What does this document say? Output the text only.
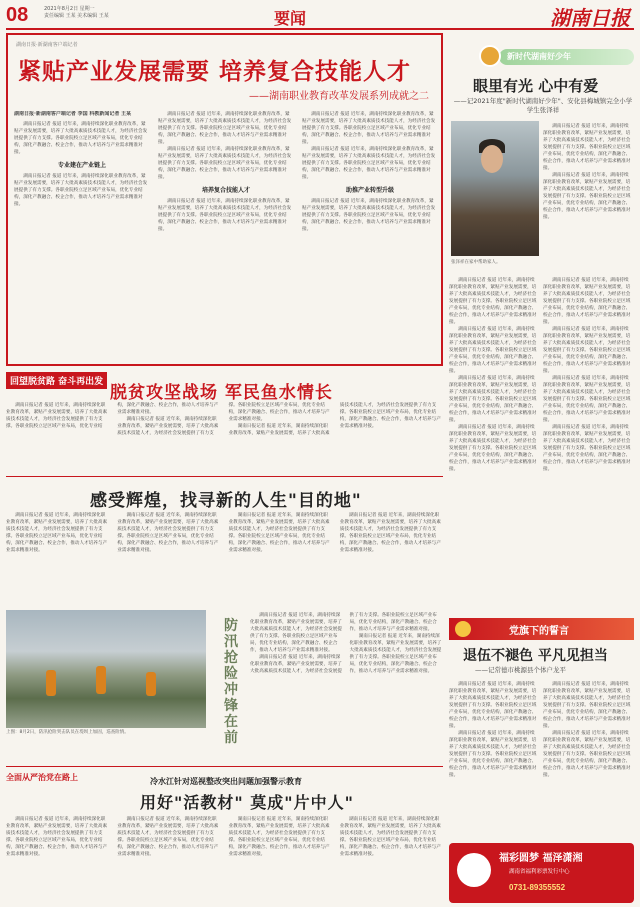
08	2021年8月2日 星期一
责任编辑 王某 美术编辑 王某	要闻	湖南日报
湖南日报·新湖南客户端记者
紧贴产业发展需要 培养复合技能人才
——湖南职业教育改革发展系列成就之二
湖南日报·新湖南客户端记者 李国 科教新闻记者 王某

湖南日报记者 报道 近年来，湖南持续深化职业教育改革，紧贴产业发展需要，培养了大批高素质技术技能人才，为经济社会发展提供了有力支撑。各职业院校立足区域产业布局，优化专业结构，深化产教融合、校企合作，推动人才培养与产业需求精准对接。

专业建在产业链上

湖南日报记者 报道 近年来，湖南持续深化职业教育改革，紧贴产业发展需要，培养了大批高素质技术技能人才，为经济社会发展提供了有力支撑。各职业院校立足区域产业布局，优化专业结构，深化产教融合、校企合作，推动人才培养与产业需求精准对接。

湖南日报记者 报道 近年来，湖南持续深化职业教育改革，紧贴产业发展需要，培养了大批高素质技术技能人才，为经济社会发展提供了有力支撑。各职业院校立足区域产业布局，优化专业结构，深化产教融合、校企合作，推动人才培养与产业需求精准对接。

湖南日报记者 报道 近年来，湖南持续深化职业教育改革，紧贴产业发展需要，培养了大批高素质技术技能人才，为经济社会发展提供了有力支撑。各职业院校立足区域产业布局，优化专业结构，深化产教融合、校企合作，推动人才培养与产业需求精准对接。

培养复合技能人才

湖南日报记者 报道 近年来，湖南持续深化职业教育改革，紧贴产业发展需要，培养了大批高素质技术技能人才，为经济社会发展提供了有力支撑。各职业院校立足区域产业布局，优化专业结构，深化产教融合、校企合作，推动人才培养与产业需求精准对接。

湖南日报记者 报道 近年来，湖南持续深化职业教育改革，紧贴产业发展需要，培养了大批高素质技术技能人才，为经济社会发展提供了有力支撑。各职业院校立足区域产业布局，优化专业结构，深化产教融合、校企合作，推动人才培养与产业需求精准对接。

湖南日报记者 报道 近年来，湖南持续深化职业教育改革，紧贴产业发展需要，培养了大批高素质技术技能人才，为经济社会发展提供了有力支撑。各职业院校立足区域产业布局，优化专业结构，深化产教融合、校企合作，推动人才培养与产业需求精准对接。

助推产业转型升级

湖南日报记者 报道 近年来，湖南持续深化职业教育改革，紧贴产业发展需要，培养了大批高素质技术技能人才，为经济社会发展提供了有力支撑。各职业院校立足区域产业布局，优化专业结构，深化产教融合、校企合作，推动人才培养与产业需求精准对接。

回望脱贫路 奋斗再出发
脱贫攻坚战场 军民鱼水情长

湖南日报记者 报道 近年来，湖南持续深化职业教育改革，紧贴产业发展需要，培养了大批高素质技术技能人才，为经济社会发展提供了有力支撑。各职业院校立足区域产业布局，优化专业结构，深化产教融合、校企合作，推动人才培养与产业需求精准对接。

湖南日报记者 报道 近年来，湖南持续深化职业教育改革，紧贴产业发展需要，培养了大批高素质技术技能人才，为经济社会发展提供了有力支撑。各职业院校立足区域产业布局，优化专业结构，深化产教融合、校企合作，推动人才培养与产业需求精准对接。

湖南日报记者 报道 近年来，湖南持续深化职业教育改革，紧贴产业发展需要，培养了大批高素质技术技能人才，为经济社会发展提供了有力支撑。各职业院校立足区域产业布局，优化专业结构，深化产教融合、校企合作，推动人才培养与产业需求精准对接。

感受辉煌，找寻新的人生"目的地"

湖南日报记者 报道 近年来，湖南持续深化职业教育改革，紧贴产业发展需要，培养了大批高素质技术技能人才，为经济社会发展提供了有力支撑。各职业院校立足区域产业布局，优化专业结构，深化产教融合、校企合作，推动人才培养与产业需求精准对接。

湖南日报记者 报道 近年来，湖南持续深化职业教育改革，紧贴产业发展需要，培养了大批高素质技术技能人才，为经济社会发展提供了有力支撑。各职业院校立足区域产业布局，优化专业结构，深化产教融合、校企合作，推动人才培养与产业需求精准对接。

湖南日报记者 报道 近年来，湖南持续深化职业教育改革，紧贴产业发展需要，培养了大批高素质技术技能人才，为经济社会发展提供了有力支撑。各职业院校立足区域产业布局，优化专业结构，深化产教融合、校企合作，推动人才培养与产业需求精准对接。

湖南日报记者 报道 近年来，湖南持续深化职业教育改革，紧贴产业发展需要，培养了大批高素质技术技能人才，为经济社会发展提供了有力支撑。各职业院校立足区域产业布局，优化专业结构，深化产教融合、校企合作，推动人才培养与产业需求精准对接。

防汛抢险 冲锋在前
上图：8月2日，防汛抢险突击队员在堤坝上加固，巡查险情。

湖南日报记者 报道 近年来，湖南持续深化职业教育改革，紧贴产业发展需要，培养了大批高素质技术技能人才，为经济社会发展提供了有力支撑。各职业院校立足区域产业布局，优化专业结构，深化产教融合、校企合作，推动人才培养与产业需求精准对接。

湖南日报记者 报道 近年来，湖南持续深化职业教育改革，紧贴产业发展需要，培养了大批高素质技术技能人才，为经济社会发展提供了有力支撑。各职业院校立足区域产业布局，优化专业结构，深化产教融合、校企合作，推动人才培养与产业需求精准对接。

湖南日报记者 报道 近年来，湖南持续深化职业教育改革，紧贴产业发展需要，培养了大批高素质技术技能人才，为经济社会发展提供了有力支撑。各职业院校立足区域产业布局，优化专业结构，深化产教融合、校企合作，推动人才培养与产业需求精准对接。

全面从严治党在路上	冷水江针对巡视整改突出问题加强警示教育
用好"活教材" 莫成"片中人"

湖南日报记者 报道 近年来，湖南持续深化职业教育改革，紧贴产业发展需要，培养了大批高素质技术技能人才，为经济社会发展提供了有力支撑。各职业院校立足区域产业布局，优化专业结构，深化产教融合、校企合作，推动人才培养与产业需求精准对接。

湖南日报记者 报道 近年来，湖南持续深化职业教育改革，紧贴产业发展需要，培养了大批高素质技术技能人才，为经济社会发展提供了有力支撑。各职业院校立足区域产业布局，优化专业结构，深化产教融合、校企合作，推动人才培养与产业需求精准对接。

湖南日报记者 报道 近年来，湖南持续深化职业教育改革，紧贴产业发展需要，培养了大批高素质技术技能人才，为经济社会发展提供了有力支撑。各职业院校立足区域产业布局，优化专业结构，深化产教融合、校企合作，推动人才培养与产业需求精准对接。

湖南日报记者 报道 近年来，湖南持续深化职业教育改革，紧贴产业发展需要，培养了大批高素质技术技能人才，为经济社会发展提供了有力支撑。各职业院校立足区域产业布局，优化专业结构，深化产教融合、校企合作，推动人才培养与产业需求精准对接。

新时代湖南好少年
眼里有光 心中有爱
——记2021年度"新时代湖南好少年"、安化县梅城镇完全小学学生张泽祥
张泽祥在家中帮助家人。

湖南日报记者 报道 近年来，湖南持续深化职业教育改革，紧贴产业发展需要，培养了大批高素质技术技能人才，为经济社会发展提供了有力支撑。各职业院校立足区域产业布局，优化专业结构，深化产教融合、校企合作，推动人才培养与产业需求精准对接。

湖南日报记者 报道 近年来，湖南持续深化职业教育改革，紧贴产业发展需要，培养了大批高素质技术技能人才，为经济社会发展提供了有力支撑。各职业院校立足区域产业布局，优化专业结构，深化产教融合、校企合作，推动人才培养与产业需求精准对接。

湖南日报记者 报道 近年来，湖南持续深化职业教育改革，紧贴产业发展需要，培养了大批高素质技术技能人才，为经济社会发展提供了有力支撑。各职业院校立足区域产业布局，优化专业结构，深化产教融合、校企合作，推动人才培养与产业需求精准对接。

湖南日报记者 报道 近年来，湖南持续深化职业教育改革，紧贴产业发展需要，培养了大批高素质技术技能人才，为经济社会发展提供了有力支撑。各职业院校立足区域产业布局，优化专业结构，深化产教融合、校企合作，推动人才培养与产业需求精准对接。

湖南日报记者 报道 近年来，湖南持续深化职业教育改革，紧贴产业发展需要，培养了大批高素质技术技能人才，为经济社会发展提供了有力支撑。各职业院校立足区域产业布局，优化专业结构，深化产教融合、校企合作，推动人才培养与产业需求精准对接。

湖南日报记者 报道 近年来，湖南持续深化职业教育改革，紧贴产业发展需要，培养了大批高素质技术技能人才，为经济社会发展提供了有力支撑。各职业院校立足区域产业布局，优化专业结构，深化产教融合、校企合作，推动人才培养与产业需求精准对接。

湖南日报记者 报道 近年来，湖南持续深化职业教育改革，紧贴产业发展需要，培养了大批高素质技术技能人才，为经济社会发展提供了有力支撑。各职业院校立足区域产业布局，优化专业结构，深化产教融合、校企合作，推动人才培养与产业需求精准对接。

湖南日报记者 报道 近年来，湖南持续深化职业教育改革，紧贴产业发展需要，培养了大批高素质技术技能人才，为经济社会发展提供了有力支撑。各职业院校立足区域产业布局，优化专业结构，深化产教融合、校企合作，推动人才培养与产业需求精准对接。

湖南日报记者 报道 近年来，湖南持续深化职业教育改革，紧贴产业发展需要，培养了大批高素质技术技能人才，为经济社会发展提供了有力支撑。各职业院校立足区域产业布局，优化专业结构，深化产教融合、校企合作，推动人才培养与产业需求精准对接。

湖南日报记者 报道 近年来，湖南持续深化职业教育改革，紧贴产业发展需要，培养了大批高素质技术技能人才，为经济社会发展提供了有力支撑。各职业院校立足区域产业布局，优化专业结构，深化产教融合、校企合作，推动人才培养与产业需求精准对接。

党旗下的誓言
退伍不褪色 平凡见担当
——记常德市桃源县个体户龙平

湖南日报记者 报道 近年来，湖南持续深化职业教育改革，紧贴产业发展需要，培养了大批高素质技术技能人才，为经济社会发展提供了有力支撑。各职业院校立足区域产业布局，优化专业结构，深化产教融合、校企合作，推动人才培养与产业需求精准对接。

湖南日报记者 报道 近年来，湖南持续深化职业教育改革，紧贴产业发展需要，培养了大批高素质技术技能人才，为经济社会发展提供了有力支撑。各职业院校立足区域产业布局，优化专业结构，深化产教融合、校企合作，推动人才培养与产业需求精准对接。

湖南日报记者 报道 近年来，湖南持续深化职业教育改革，紧贴产业发展需要，培养了大批高素质技术技能人才，为经济社会发展提供了有力支撑。各职业院校立足区域产业布局，优化专业结构，深化产教融合、校企合作，推动人才培养与产业需求精准对接。

湖南日报记者 报道 近年来，湖南持续深化职业教育改革，紧贴产业发展需要，培养了大批高素质技术技能人才，为经济社会发展提供了有力支撑。各职业院校立足区域产业布局，优化专业结构，深化产教融合、校企合作，推动人才培养与产业需求精准对接。

福彩圆梦 福泽潇湘
湖南省福利彩票发行中心
0731-89355552
